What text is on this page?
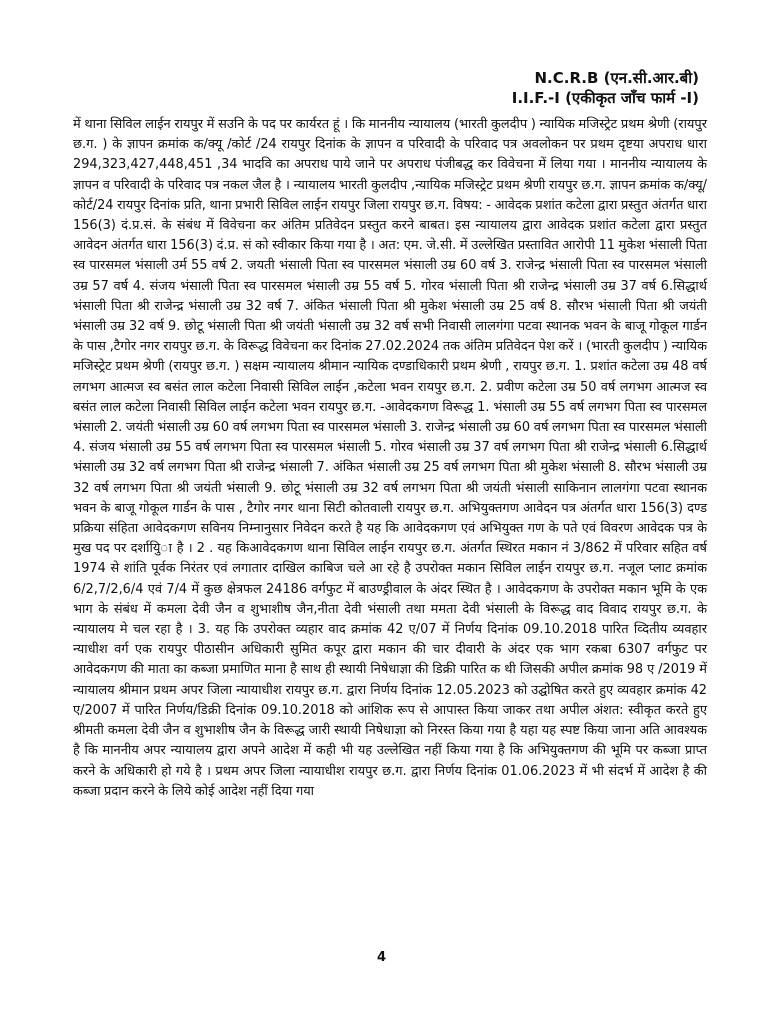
N.C.R.B (एन.सी.आर.बी)
I.I.F.-I (एकीकृत जाँच फार्म -I)

में थाना सिविल लाईन रायपुर में सउनि के पद पर कार्यरत हूं । कि माननीय न्यायालय (भारती कुलदीप ) न्यायिक मजिस्ट्रेट प्रथम श्रेणी (रायपुर छ.ग. ) के ज्ञापन क्रमांक क/क्यू /कोर्ट /24 रायपुर दिनांक के ज्ञापन व परिवादी के परिवाद पत्र अवलोकन पर प्रथम दृष्टया अपराध धारा 294,323,427,448,451 ,34 भादवि का अपराध पाये जाने पर अपराध पंजीबद्ध कर विवेचना में लिया गया । माननीय न्यायालय के ज्ञापन व परिवादी के परिवाद पत्र नकल जैल है । न्यायालय भारती कुलदीप ,न्यायिक मजिस्ट्रेट प्रथम श्रेणी रायपुर छ.ग. ज्ञापन क्रमांक क/क्यू/कोर्ट/24 रायपुर दिनांक प्रति, थाना प्रभारी सिविल लाईन रायपुर जिला रायपुर छ.ग. विषय: - आवेदक प्रशांत कटेला द्वारा प्रस्तुत अंतर्गत धारा 156(3) दं.प्र.सं. के संबंध में विवेचना कर अंतिम प्रतिवेदन प्रस्तुत करने बाबत। इस न्यायालय द्वारा आवेदक प्रशांत कटेला द्वारा प्रस्तुत आवेदन अंतर्गत धारा 156(3) दं.प्र. सं को स्वीकार किया गया है । अत: एम. जे.सी. में उल्लेखित प्रस्तावित आरोपी 11 मुकेश भंसाली पिता स्व पारसमल भंसाली उर्म 55 वर्ष 2. जयती भंसाली पिता स्व पारसमल भंसाली उम्र 60 वर्ष 3. राजेन्द्र भंसाली पिता स्व पारसमल भंसाली उम्र 57 वर्ष 4. संजय भंसाली पिता स्व पारसमल भंसाली उम्र 55 वर्ष 5. गोरव भंसाली पिता श्री राजेन्द्र भंसाली उम्र 37 वर्ष 6.सिद्धार्थ भंसाली पिता श्री राजेन्द्र भंसाली उम्र 32 वर्ष 7. अंकित भंसाली पिता श्री मुकेश भंसाली उम्र 25 वर्ष 8. सौरभ भंसाली पिता श्री जयंती भंसाली उम्र 32 वर्ष 9. छोटू भंसाली पिता श्री जयंती भंसाली उम्र 32 वर्ष सभी निवासी लालगंगा पटवा स्थानक भवन के बाजू गोकूल गार्डन के पास ,टैगोर नगर रायपुर छ.ग. के विरूद्ध विवेचना कर दिनांक 27.02.2024 तक अंतिम प्रतिवेदन पेश करें । (भारती कुलदीप ) न्यायिक मजिस्ट्रेट प्रथम श्रेणी (रायपुर छ.ग. ) सक्षम न्यायालय श्रीमान न्यायिक दण्डाधिकारी प्रथम श्रेणी , रायपुर छ.ग. 1. प्रशांत कटेला उम्र 48 वर्ष लगभग आत्मज स्व बसंत लाल कटेला निवासी सिविल लाईन ,कटेला भवन रायपुर छ.ग. 2. प्रवीण कटेला उम्र 50 वर्ष लगभग आत्मज स्व बसंत लाल कटेला निवासी सिविल लाईन कटेला भवन रायपुर छ.ग. -आवेदकगण विरूद्ध 1. भंसाली उम्र 55 वर्ष लगभग पिता स्व पारसमल भंसाली 2. जयंती भंसाली उम्र 60 वर्ष लगभग पिता स्व पारसमल भंसाली 3. राजेन्द्र भंसाली उम्र 60 वर्ष लगभग पिता स्व पारसमल भंसाली 4. संजय भंसाली उम्र 55 वर्ष लगभग पिता स्व पारसमल भंसाली 5. गोरव भंसाली उम्र 37 वर्ष लगभग पिता श्री राजेन्द्र भंसाली 6.सिद्धार्थ भंसाली उम्र 32 वर्ष लगभग पिता श्री राजेन्द्र भंसाली 7. अंकित भंसाली उम्र 25 वर्ष लगभग पिता श्री मुकेश भंसाली 8. सौरभ भंसाली उम्र 32 वर्ष लगभग पिता श्री जयंती भंसाली 9. छोटू भंसाली उम्र 32 वर्ष लगभग पिता श्री जयंती भंसाली साकिनान लालगंगा पटवा स्थानक भवन के बाजू गोकूल गार्डन के पास , टैगोर नगर थाना सिटी कोतवाली रायपुर छ.ग. अभियुक्तगण आवेदन पत्र अंतर्गत धारा 156(3) दण्ड प्रक्रिया संहिता आवेदकगण सविनय निम्नानुसार निवेदन करते है यह कि आवेदकगण एवं अभियुक्त गण के पते एवं विवरण आवेदक पत्र के मुख पद पर दर्शायिु◌ा है । 2 . यह किआवेदकगण थाना सिविल लाईन रायपुर छ.ग. अंतर्गत स्थिरत मकान नं 3/862 में परिवार सहित वर्ष 1974 से शांति पूर्वक निरंतर एवं लगातार दाखिल काबिज चले आ रहे है उपरोक्त मकान सिविल लाईन रायपुर छ.ग. नजूल प्लाट क्रमांक 6/2,7/2,6/4 एवं 7/4 में कुछ क्षेत्रफल 24186 वर्गफुट में बाउण्ड्रीवाल के अंदर स्थित है । आवेदकगण के उपरोक्त मकान भूमि के एक भाग के संबंध में कमला देवी जैन व शुभाशीष जैन,नीता देवी भंसाली तथा ममता देवी भंसाली के विरूद्ध वाद विवाद रायपुर छ.ग. के न्यायालय मे चल रहा है । 3. यह कि उपरोक्त व्यहार वाद क्रमांक 42 ए/07 में निर्णय दिनांक 09.10.2018 पारित व्दितीय व्यवहार न्याधीश वर्ग एक रायपुर पीठासीन अधिकारी सुमित कपूर द्वारा मकान की चार दीवारी के अंदर एक भाग रकबा 6307 वर्गफुट पर आवेदकगण की माता का कब्जा प्रमाणित माना है साथ ही स्थायी निषेधाज्ञा की डिक्री पारित क थी जिसकी अपील क्रमांक 98 ए /2019 में न्यायालय श्रीमान प्रथम अपर जिला न्यायाधीश रायपुर छ.ग. द्वारा निर्णय दिनांक 12.05.2023 को उद्घोषित करते हुए व्यवहार क्रमांक 42 ए/2007 में पारित निर्णय/डिक्री दिनांक 09.10.2018 को आंशिक रूप से आपास्त किया जाकर तथा अपील अंशत: स्वीकृत करते हुए श्रीमती कमला देवी जैन व शुभाशीष जैन के विरूद्ध जारी स्थायी निषेधाज्ञा को निरस्त किया गया है यहा यह स्पष्ट किया जाना अति आवश्यक है कि माननीय अपर न्यायालय द्वारा अपने आदेश में कही भी यह उल्लेखित नहीं किया गया है कि अभियुक्तगण की भूमि पर कब्जा प्राप्त करने के अधिकारी हो गये है । प्रथम अपर जिला न्यायाधीश रायपुर छ.ग. द्वारा निर्णय दिनांक 01.06.2023 में भी संदर्भ में आदेश है की कब्जा प्रदान करने के लिये कोई आदेश नहीं दिया गया

4
